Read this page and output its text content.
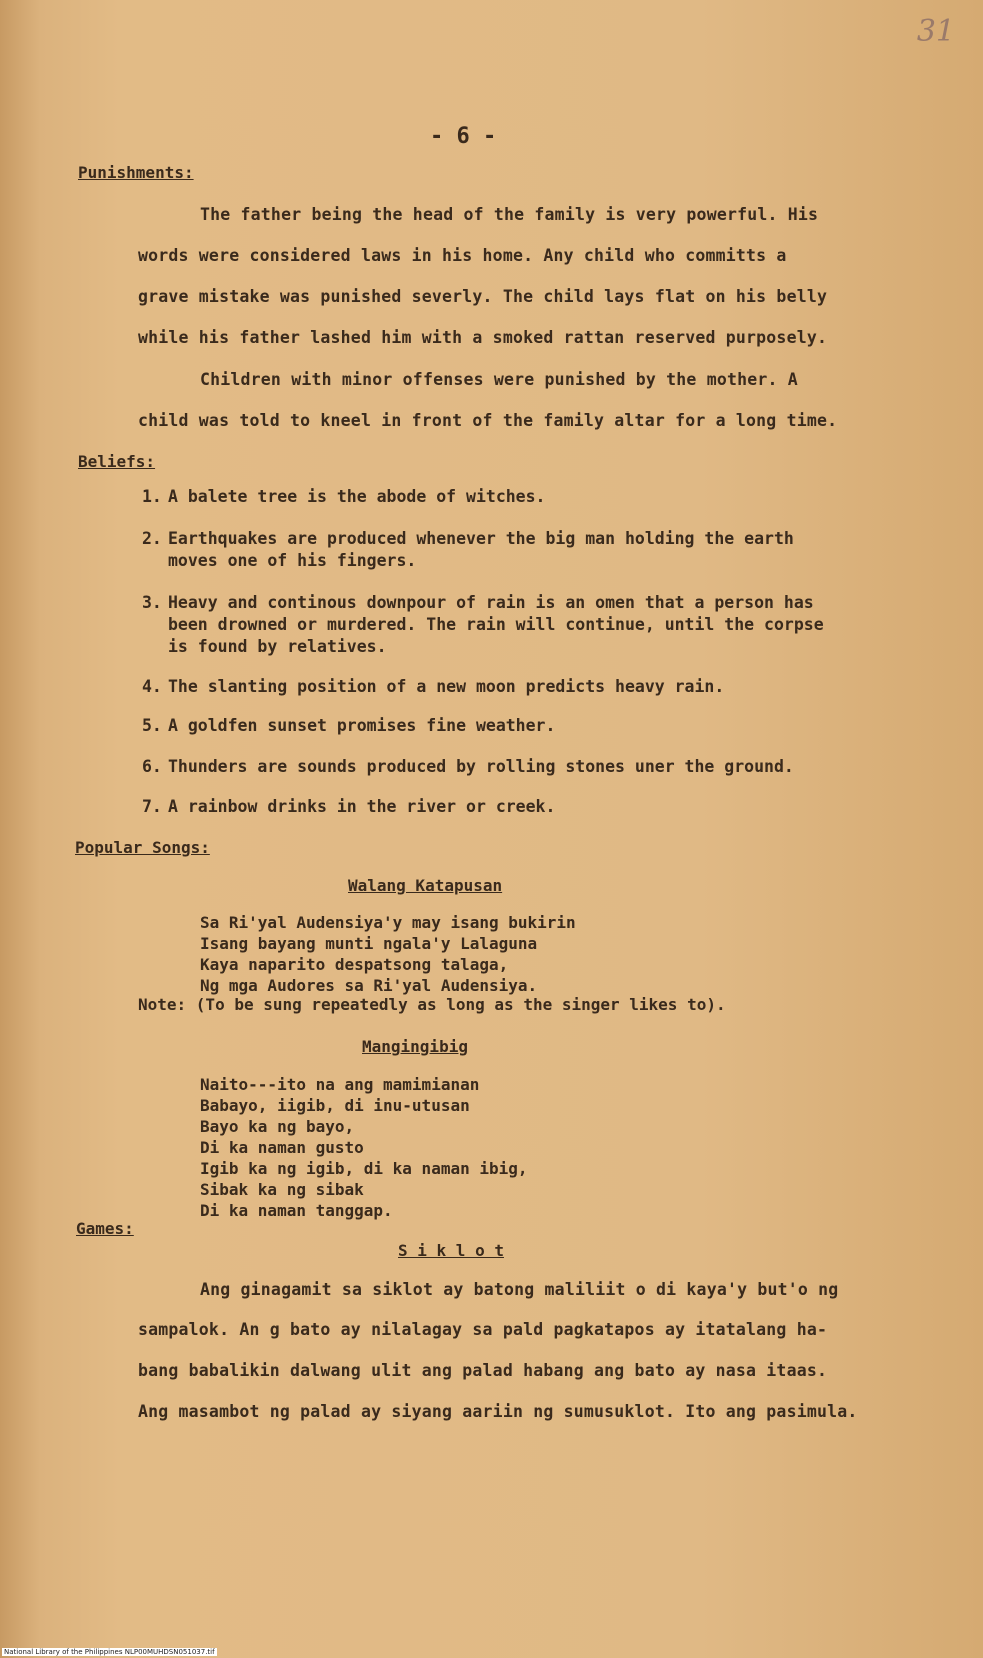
31
- 6 -
Punishments:
The father being the head of the family is very powerful. His
words were considered laws in his home. Any child who committs a
grave mistake was punished severly. The child lays flat on his belly
while his father lashed him with a smoked rattan reserved purposely.
Children with minor offenses were punished by the mother. A
child was told to kneel in front of the family altar for a long time.
Beliefs:
1. A balete tree is the abode of witches.
2. Earthquakes are produced whenever the big man holding the earth
moves one of his fingers.
3. Heavy and continous downpour of rain is an omen that a person has
been drowned or murdered. The rain will continue, until the corpse
is found by relatives.
4. The slanting position of a new moon predicts heavy rain.
5. A goldfen sunset promises fine weather.
6. Thunders are sounds produced by rolling stones uner the ground.
7. A rainbow drinks in the river or creek.
Popular Songs:
Walang Katapusan
Sa Ri'yal Audensiya'y may isang bukirin
Isang bayang munti ngala'y Lalaguna
Kaya naparito despatsong talaga,
Ng mga Audores sa Ri'yal Audensiya.
Note: (To be sung repeatedly as long as the singer likes to).
Mangingibig
Naito---ito na ang mamimianan
Babayo, iigib, di inu-utusan
Bayo ka ng bayo,
Di ka naman gusto
Igib ka ng igib, di ka naman ibig,
Sibak ka ng sibak
Di ka naman tanggap.
Games:
S i k l o t
Ang ginagamit sa siklot ay batong maliliit o di kaya'y but'o ng
sampalok. An g bato ay nilalagay sa pald pagkatapos ay itatalang ha-
bang babalikin dalwang ulit ang palad habang ang bato ay nasa itaas.
Ang masambot ng palad ay siyang aariin ng sumusuklot. Ito ang pasimula.
National Library of the Philippines NLP00MUHDSN051037.tif
